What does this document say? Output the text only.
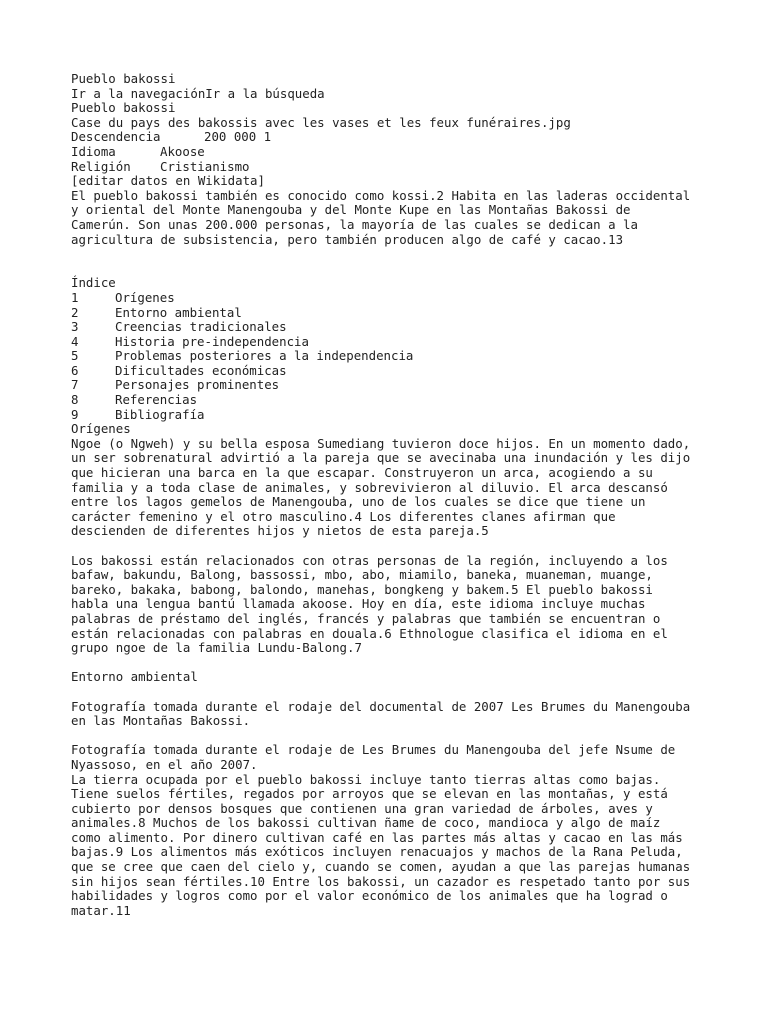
Pueblo bakossi
Ir a la navegaciónIr a la búsqueda
Pueblo bakossi
Case du pays des bakossis avec les vases et les feux funéraires.jpg
Descendencia	200 000 1
Idioma	Akoose
Religión	Cristianismo
[editar datos en Wikidata]
El pueblo bakossi también es conocido como kossi.2 Habita en las laderas occidental
y oriental del Monte Manengouba y del Monte Kupe en las Montañas Bakossi de
Camerún. Son unas 200.000 personas, la mayoría de las cuales se dedican a la
agricultura de subsistencia, pero también producen algo de café y cacao.13
Índice
1	Orígenes
2	Entorno ambiental
3	Creencias tradicionales
4	Historia pre-independencia
5	Problemas posteriores a la independencia
6	Dificultades económicas
7	Personajes prominentes
8	Referencias
9	Bibliografía
Orígenes
Ngoe (o Ngweh) y su bella esposa Sumediang tuvieron doce hijos. En un momento dado,
un ser sobrenatural advirtió a la pareja que se avecinaba una inundación y les dijo
que hicieran una barca en la que escapar. Construyeron un arca, acogiendo a su
familia y a toda clase de animales, y sobrevivieron al diluvio. El arca descansó
entre los lagos gemelos de Manengouba, uno de los cuales se dice que tiene un
carácter femenino y el otro masculino.4 Los diferentes clanes afirman que
descienden de diferentes hijos y nietos de esta pareja.5
Los bakossi están relacionados con otras personas de la región, incluyendo a los
bafaw, bakundu, Balong, bassossi, mbo, abo, miamilo, baneka, muaneman, muange,
bareko, bakaka, babong, balondo, manehas, bongkeng y bakem.5 El pueblo bakossi
habla una lengua bantú llamada akoose. Hoy en día, este idioma incluye muchas
palabras de préstamo del inglés, francés y palabras que también se encuentran o
están relacionadas con palabras en douala.6 Ethnologue clasifica el idioma en el
grupo ngoe de la familia Lundu-Balong.7
Entorno ambiental
Fotografía tomada durante el rodaje del documental de 2007 Les Brumes du Manengouba
en las Montañas Bakossi.
Fotografía tomada durante el rodaje de Les Brumes du Manengouba del jefe Nsume de
Nyassoso, en el año 2007.
La tierra ocupada por el pueblo bakossi incluye tanto tierras altas como bajas.
Tiene suelos fértiles, regados por arroyos que se elevan en las montañas, y está
cubierto por densos bosques que contienen una gran variedad de árboles, aves y
animales.8 Muchos de los bakossi cultivan ñame de coco, mandioca y algo de maíz
como alimento. Por dinero cultivan café en las partes más altas y cacao en las más
bajas.9 Los alimentos más exóticos incluyen renacuajos y machos de la Rana Peluda,
que se cree que caen del cielo y, cuando se comen, ayudan a que las parejas humanas
sin hijos sean fértiles.10 Entre los bakossi, un cazador es respetado tanto por sus
habilidades y logros como por el valor económico de los animales que ha lograd o
matar.11
